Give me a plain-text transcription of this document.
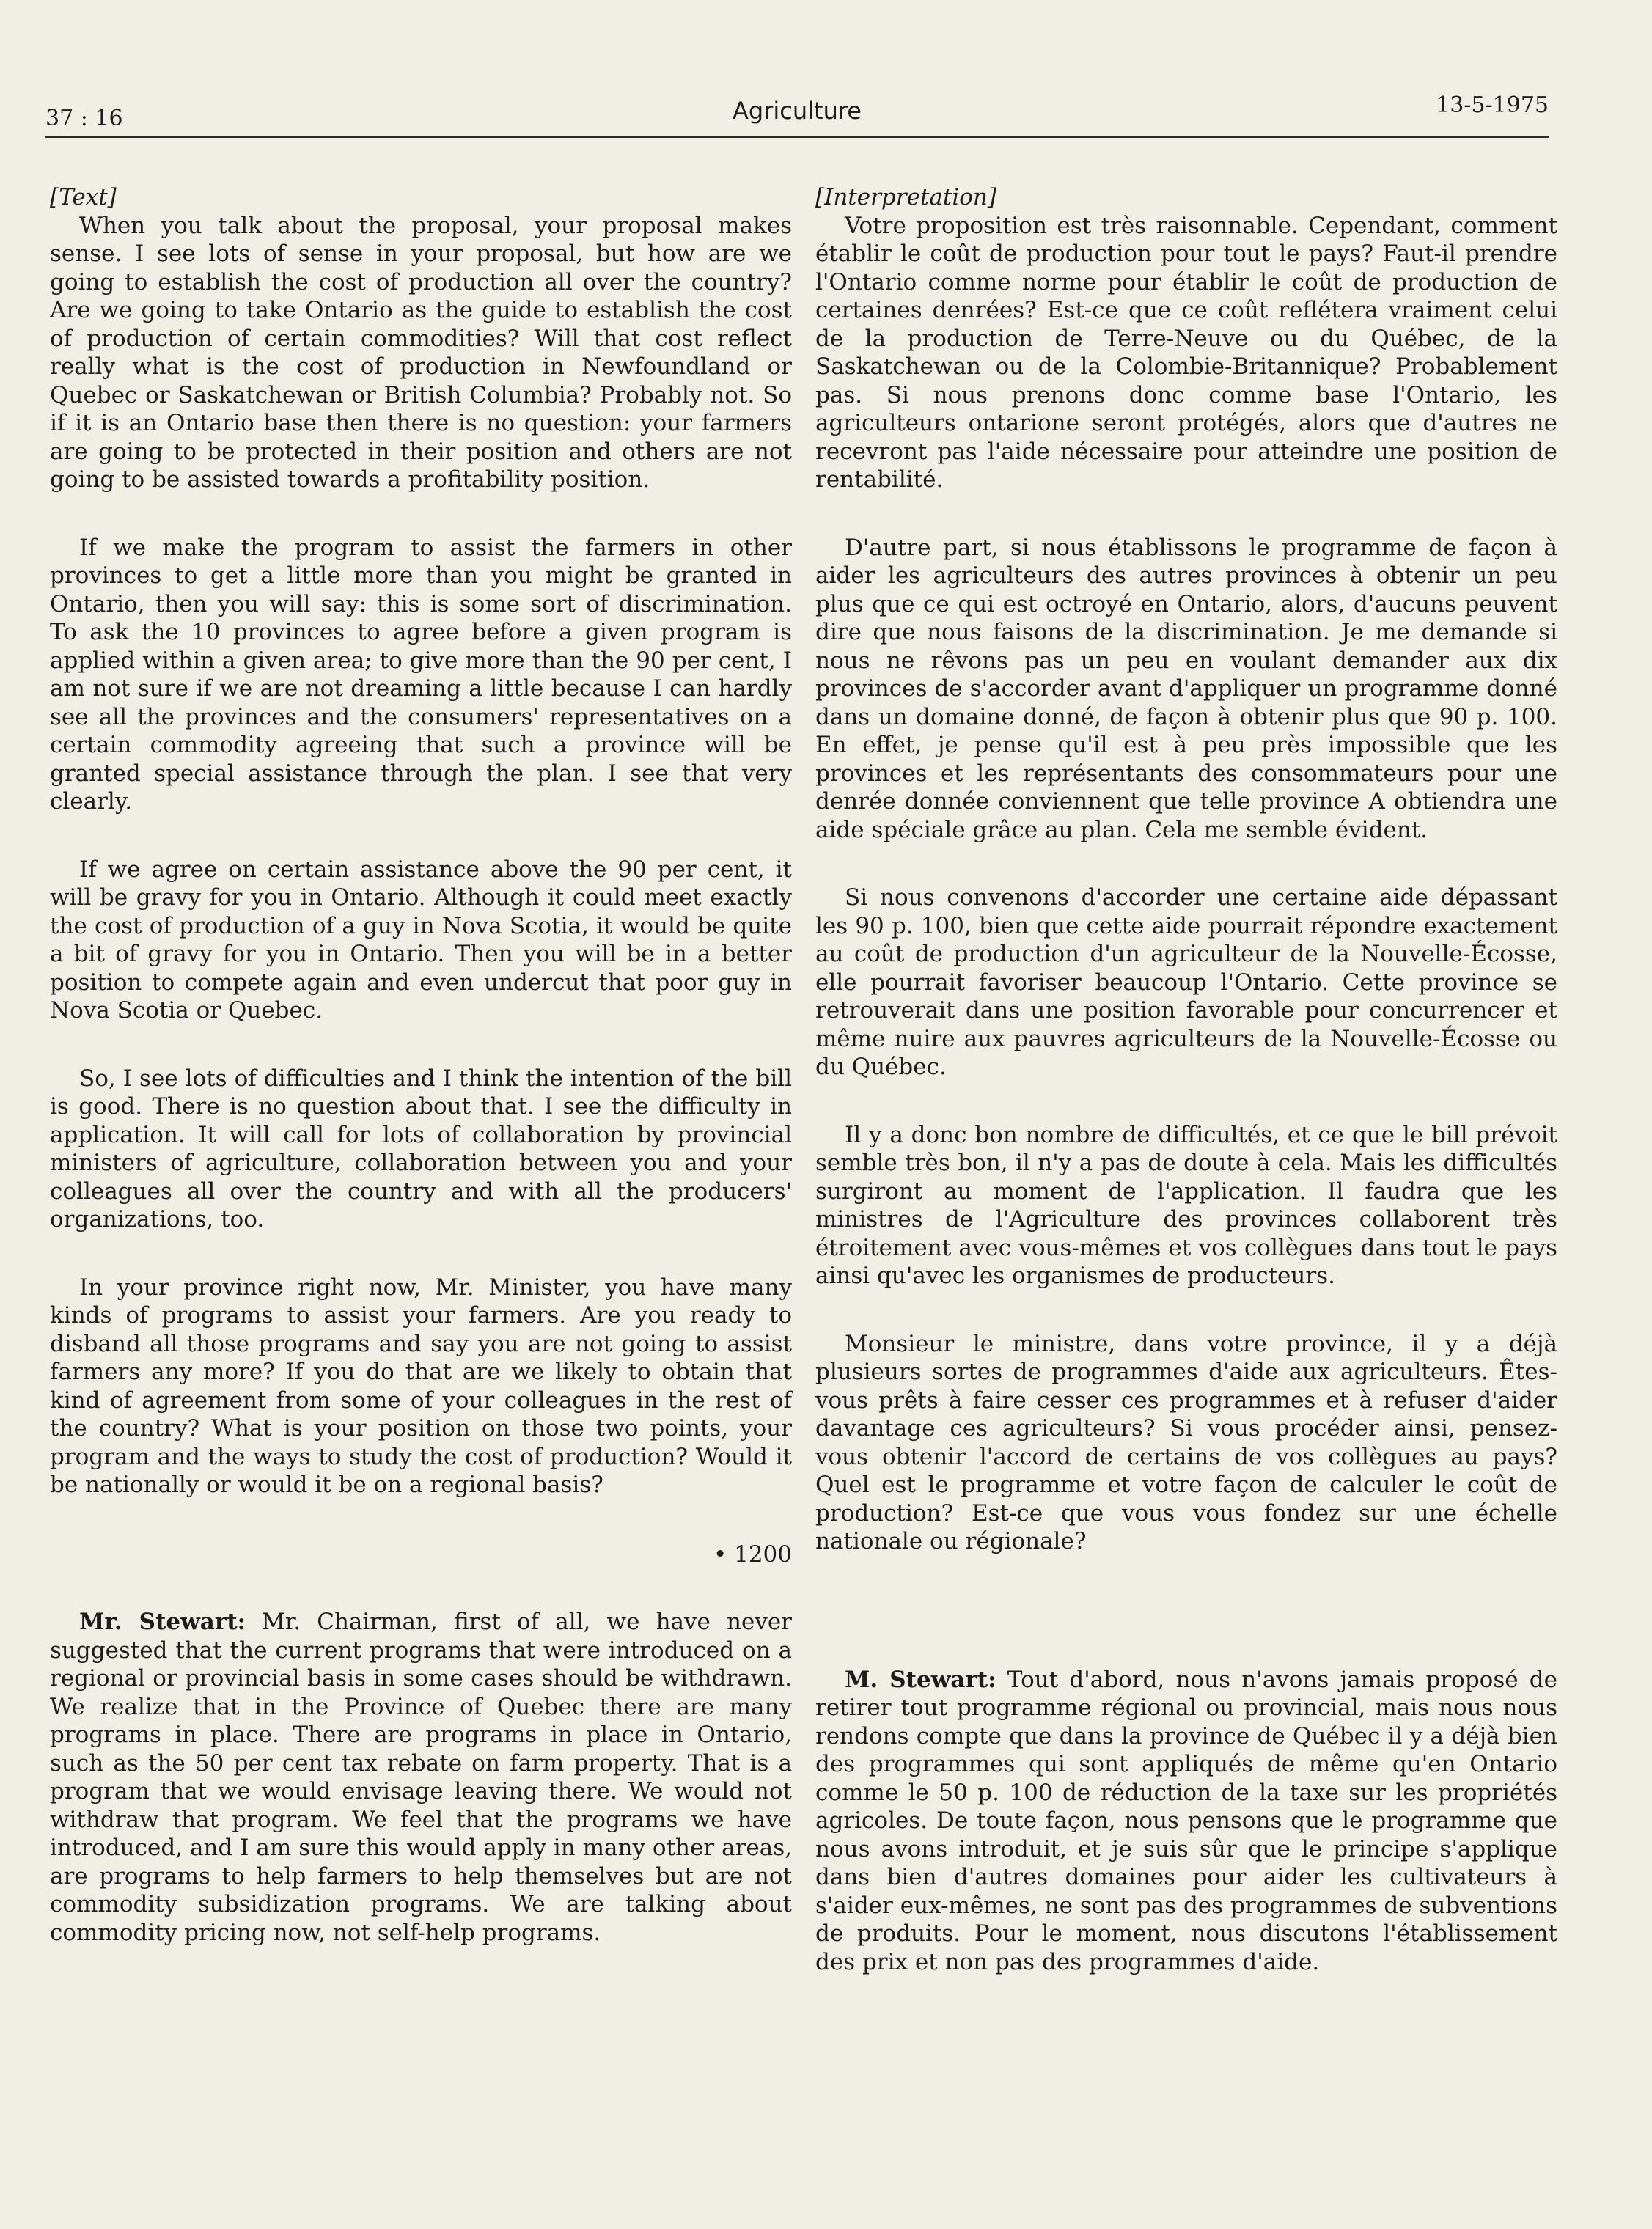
37 : 16	Agriculture	13-5-1975

[Text]

When you talk about the proposal, your proposal makes sense. I see lots of sense in your proposal, but how are we going to establish the cost of production all over the country? Are we going to take Ontario as the guide to establish the cost of production of certain commodities? Will that cost reflect really what is the cost of production in Newfoundland or Quebec or Saskatchewan or British Columbia? Probably not. So if it is an Ontario base then there is no question: your farmers are going to be protected in their position and others are not going to be assisted towards a profitability position.

If we make the program to assist the farmers in other provinces to get a little more than you might be granted in Ontario, then you will say: this is some sort of discrimination. To ask the 10 provinces to agree before a given program is applied within a given area; to give more than the 90 per cent, I am not sure if we are not dreaming a little because I can hardly see all the provinces and the consumers' representatives on a certain commodity agreeing that such a province will be granted special assistance through the plan. I see that very clearly.

If we agree on certain assistance above the 90 per cent, it will be gravy for you in Ontario. Although it could meet exactly the cost of production of a guy in Nova Scotia, it would be quite a bit of gravy for you in Ontario. Then you will be in a better position to compete again and even undercut that poor guy in Nova Scotia or Quebec.

So, I see lots of difficulties and I think the intention of the bill is good. There is no question about that. I see the difficulty in application. It will call for lots of collaboration by provincial ministers of agriculture, collaboration between you and your colleagues all over the country and with all the producers' organizations, too.

In your province right now, Mr. Minister, you have many kinds of programs to assist your farmers. Are you ready to disband all those programs and say you are not going to assist farmers any more? If you do that are we likely to obtain that kind of agreement from some of your colleagues in the rest of the country? What is your position on those two points, your program and the ways to study the cost of production? Would it be nationally or would it be on a regional basis?

• 1200

Mr. Stewart: Mr. Chairman, first of all, we have never suggested that the current programs that were introduced on a regional or provincial basis in some cases should be withdrawn. We realize that in the Province of Quebec there are many programs in place. There are programs in place in Ontario, such as the 50 per cent tax rebate on farm property. That is a program that we would envisage leaving there. We would not withdraw that program. We feel that the programs we have introduced, and I am sure this would apply in many other areas, are programs to help farmers to help themselves but are not commodity subsidization programs. We are talking about commodity pricing now, not self-help programs.

[Interpretation]

Votre proposition est très raisonnable. Cependant, comment établir le coût de production pour tout le pays? Faut-il prendre l'Ontario comme norme pour établir le coût de production de certaines denrées? Est-ce que ce coût reflétera vraiment celui de la production de Terre-Neuve ou du Québec, de la Saskatchewan ou de la Colombie-Britannique? Probablement pas. Si nous prenons donc comme base l'Ontario, les agriculteurs ontarione seront protégés, alors que d'autres ne recevront pas l'aide nécessaire pour atteindre une position de rentabilité.

D'autre part, si nous établissons le programme de façon à aider les agriculteurs des autres provinces à obtenir un peu plus que ce qui est octroyé en Ontario, alors, d'aucuns peuvent dire que nous faisons de la discrimination. Je me demande si nous ne rêvons pas un peu en voulant demander aux dix provinces de s'accorder avant d'appliquer un programme donné dans un domaine donné, de façon à obtenir plus que 90 p. 100. En effet, je pense qu'il est à peu près impossible que les provinces et les représentants des consommateurs pour une denrée donnée conviennent que telle province A obtiendra une aide spéciale grâce au plan. Cela me semble évident.

Si nous convenons d'accorder une certaine aide dépassant les 90 p. 100, bien que cette aide pourrait répondre exactement au coût de production d'un agriculteur de la Nouvelle-Écosse, elle pourrait favoriser beaucoup l'Ontario. Cette province se retrouverait dans une position favorable pour concurrencer et même nuire aux pauvres agriculteurs de la Nouvelle-Écosse ou du Québec.

Il y a donc bon nombre de difficultés, et ce que le bill prévoit semble très bon, il n'y a pas de doute à cela. Mais les difficultés surgiront au moment de l'application. Il faudra que les ministres de l'Agriculture des provinces collaborent très étroitement avec vous-mêmes et vos collègues dans tout le pays ainsi qu'avec les organismes de producteurs.

Monsieur le ministre, dans votre province, il y a déjà plusieurs sortes de programmes d'aide aux agriculteurs. Êtes-vous prêts à faire cesser ces programmes et à refuser d'aider davantage ces agriculteurs? Si vous procéder ainsi, pensez-vous obtenir l'accord de certains de vos collègues au pays? Quel est le programme et votre façon de calculer le coût de production? Est-ce que vous vous fondez sur une échelle nationale ou régionale?

M. Stewart: Tout d'abord, nous n'avons jamais proposé de retirer tout programme régional ou provincial, mais nous nous rendons compte que dans la province de Québec il y a déjà bien des programmes qui sont appliqués de même qu'en Ontario comme le 50 p. 100 de réduction de la taxe sur les propriétés agricoles. De toute façon, nous pensons que le programme que nous avons introduit, et je suis sûr que le principe s'applique dans bien d'autres domaines pour aider les cultivateurs à s'aider eux-mêmes, ne sont pas des programmes de subventions de produits. Pour le moment, nous discutons l'établissement des prix et non pas des programmes d'aide.
